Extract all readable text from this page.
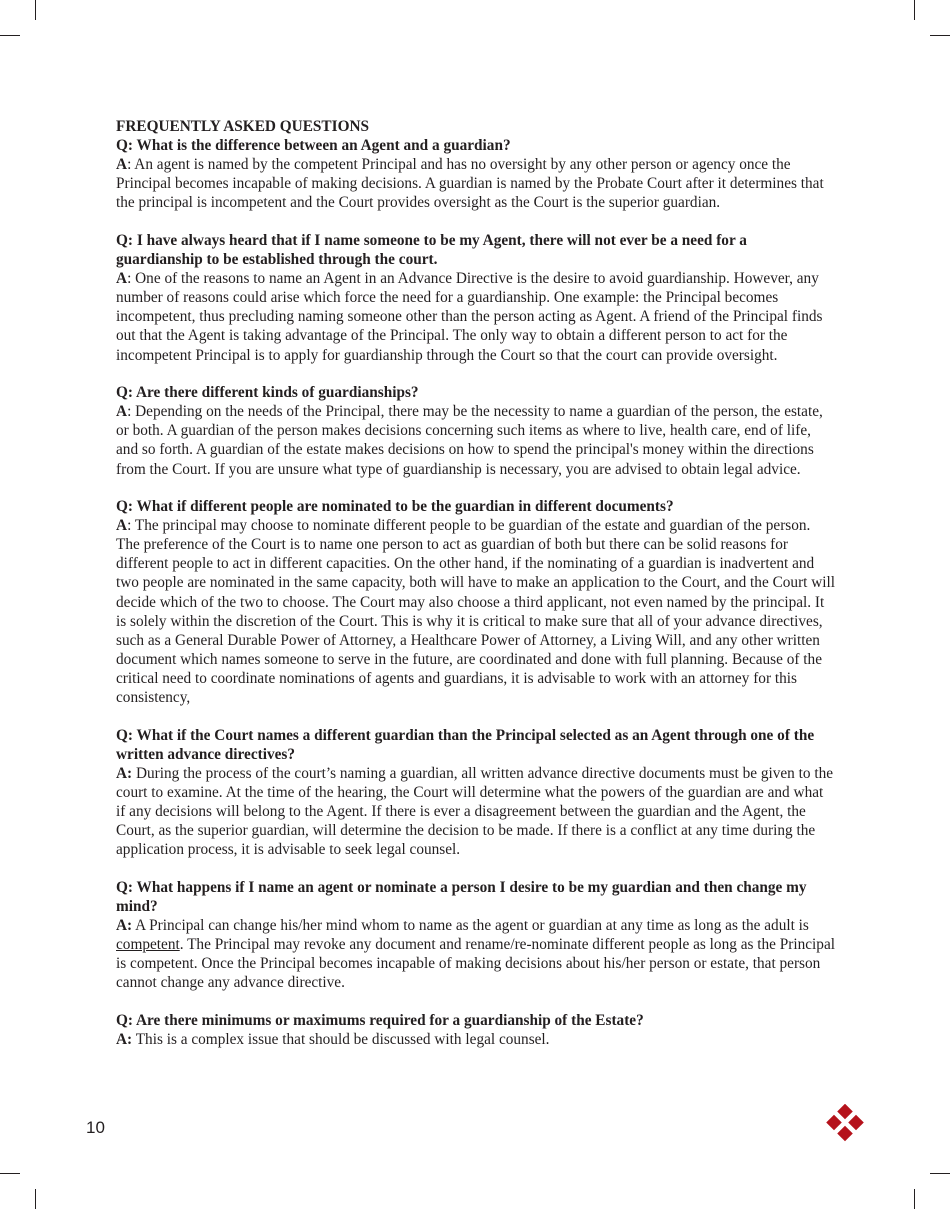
FREQUENTLY ASKED QUESTIONS

Q: What is the difference between an Agent and a guardian?

A: An agent is named by the competent Principal and has no oversight by any other person or agency once the Principal becomes incapable of making decisions. A guardian is named by the Probate Court after it determines that the principal is incompetent and the Court provides oversight as the Court is the superior guardian.

Q: I have always heard that if I name someone to be my Agent, there will not ever be a need for a guardianship to be established through the court.

A: One of the reasons to name an Agent in an Advance Directive is the desire to avoid guardianship. However, any number of reasons could arise which force the need for a guardianship. One example: the Principal becomes incompetent, thus precluding naming someone other than the person acting as Agent. A friend of the Principal finds out that the Agent is taking advantage of the Principal. The only way to obtain a different person to act for the incompetent Principal is to apply for guardianship through the Court so that the court can provide oversight.

Q: Are there different kinds of guardianships?

A: Depending on the needs of the Principal, there may be the necessity to name a guardian of the person, the estate, or both. A guardian of the person makes decisions concerning such items as where to live, health care, end of life, and so forth. A guardian of the estate makes decisions on how to spend the principal's money within the directions from the Court. If you are unsure what type of guardianship is necessary, you are advised to obtain legal advice.

Q: What if different people are nominated to be the guardian in different documents?

A: The principal may choose to nominate different people to be guardian of the estate and guardian of the person. The preference of the Court is to name one person to act as guardian of both but there can be solid reasons for different people to act in different capacities. On the other hand, if the nominating of a guardian is inadvertent and two people are nominated in the same capacity, both will have to make an application to the Court, and the Court will decide which of the two to choose. The Court may also choose a third applicant, not even named by the principal. It is solely within the discretion of the Court. This is why it is critical to make sure that all of your advance directives, such as a General Durable Power of Attorney, a Healthcare Power of Attorney, a Living Will, and any other written document which names someone to serve in the future, are coordinated and done with full planning. Because of the critical need to coordinate nominations of agents and guardians, it is advisable to work with an attorney for this consistency,

Q: What if the Court names a different guardian than the Principal selected as an Agent through one of the written advance directives?

A: During the process of the court’s naming a guardian, all written advance directive documents must be given to the court to examine. At the time of the hearing, the Court will determine what the powers of the guardian are and what if any decisions will belong to the Agent. If there is ever a disagreement between the guardian and the Agent, the Court, as the superior guardian, will determine the decision to be made. If there is a conflict at any time during the application process, it is advisable to seek legal counsel.

Q: What happens if I name an agent or nominate a person I desire to be my guardian and then change my mind?

A: A Principal can change his/her mind whom to name as the agent or guardian at any time as long as the adult is competent. The Principal may revoke any document and rename/re-nominate different people as long as the Principal is competent. Once the Principal becomes incapable of making decisions about his/her person or estate, that person cannot change any advance directive.

Q: Are there minimums or maximums required for a guardianship of the Estate?

A: This is a complex issue that should be discussed with legal counsel.

10
